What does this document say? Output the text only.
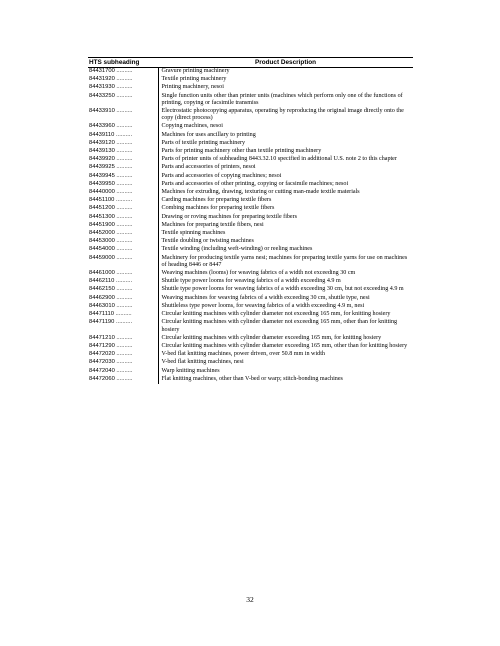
HTS subheading	Product Description
84431700 ..........	Gravure printing machinery
84431920 ..........	Textile printing machinery
84431930 ..........	Printing machinery, nesoi
84433250 ..........	Single function units other than printer units (machines which perform only one of the functions of printing, copying or facsimile transmiss
84433910 ..........	Electrostatic photocopying apparatus, operating by reproducing the original image directly onto the copy (direct process)
84433960 ..........	Copying machines, nesoi
84439110 ..........	Machines for uses ancillary to printing
84439120 ..........	Parts of textile printing machinery
84439130 ..........	Parts for printing machinery other than textile printing machinery
84439920 ..........	Parts of printer units of subheading 8443.32.10 specified in additional U.S. note 2 to this chapter
84439925 ..........	Parts and accessories of printers, nesoi
84439945 ..........	Parts and accessories of copying machines; nesoi
84439950 ..........	Parts and accessories of other printing, copying or facsimile machines; nesoi
84440000 ..........	Machines for extruding, drawing, texturing or cutting man-made textile materials
84451100 ..........	Carding machines for preparing textile fibers
84451200 ..........	Combing machines for preparing textile fibers
84451300 ..........	Drawing or roving machines for preparing textile fibers
84451900 ..........	Machines for preparing textile fibers, nesi
84452000 ..........	Textile spinning machines
84453000 ..........	Textile doubling or twisting machines
84454000 ..........	Textile winding (including weft-winding) or reeling machines
84459000 ..........	Machinery for producing textile yarns nesi; machines for preparing textile yarns for use on machines of heading 8446 or 8447
84461000 ..........	Weaving machines (looms) for weaving fabrics of a width not exceeding 30 cm
84462110 ..........	Shuttle type power looms for weaving fabrics of a width exceeding 4.9 m
84462150 ..........	Shuttle type power looms for weaving fabrics of a width exceeding 30 cm, but not exceeding 4.9 m
84462900 ..........	Weaving machines for weaving fabrics of a width exceeding 30 cm, shuttle type, nesi
84463010 ..........	Shuttleless type power looms, for weaving fabrics of a width exceeding 4.9 m, nesi
84471110 ..........	Circular knitting machines with cylinder diameter not exceeding 165 mm, for knitting hosiery
84471190 ..........	Circular knitting machines with cylinder diameter not exceeding 165 mm, other than for knitting hosiery
84471210 ..........	Circular knitting machines with cylinder diameter exceeding 165 mm, for knitting hosiery
84471290 ..........	Circular knitting machines with cylinder diameter exceeding 165 mm, other than for knitting hosiery
84472020 ..........	V-bed flat knitting machines, power driven, over 50.8 mm in width
84472030 ..........	V-bed flat knitting machines, nesi
84472040 ..........	Warp knitting machines
84472060 ..........	Flat knitting machines, other than V-bed or warp; stitch-bonding machines
32
